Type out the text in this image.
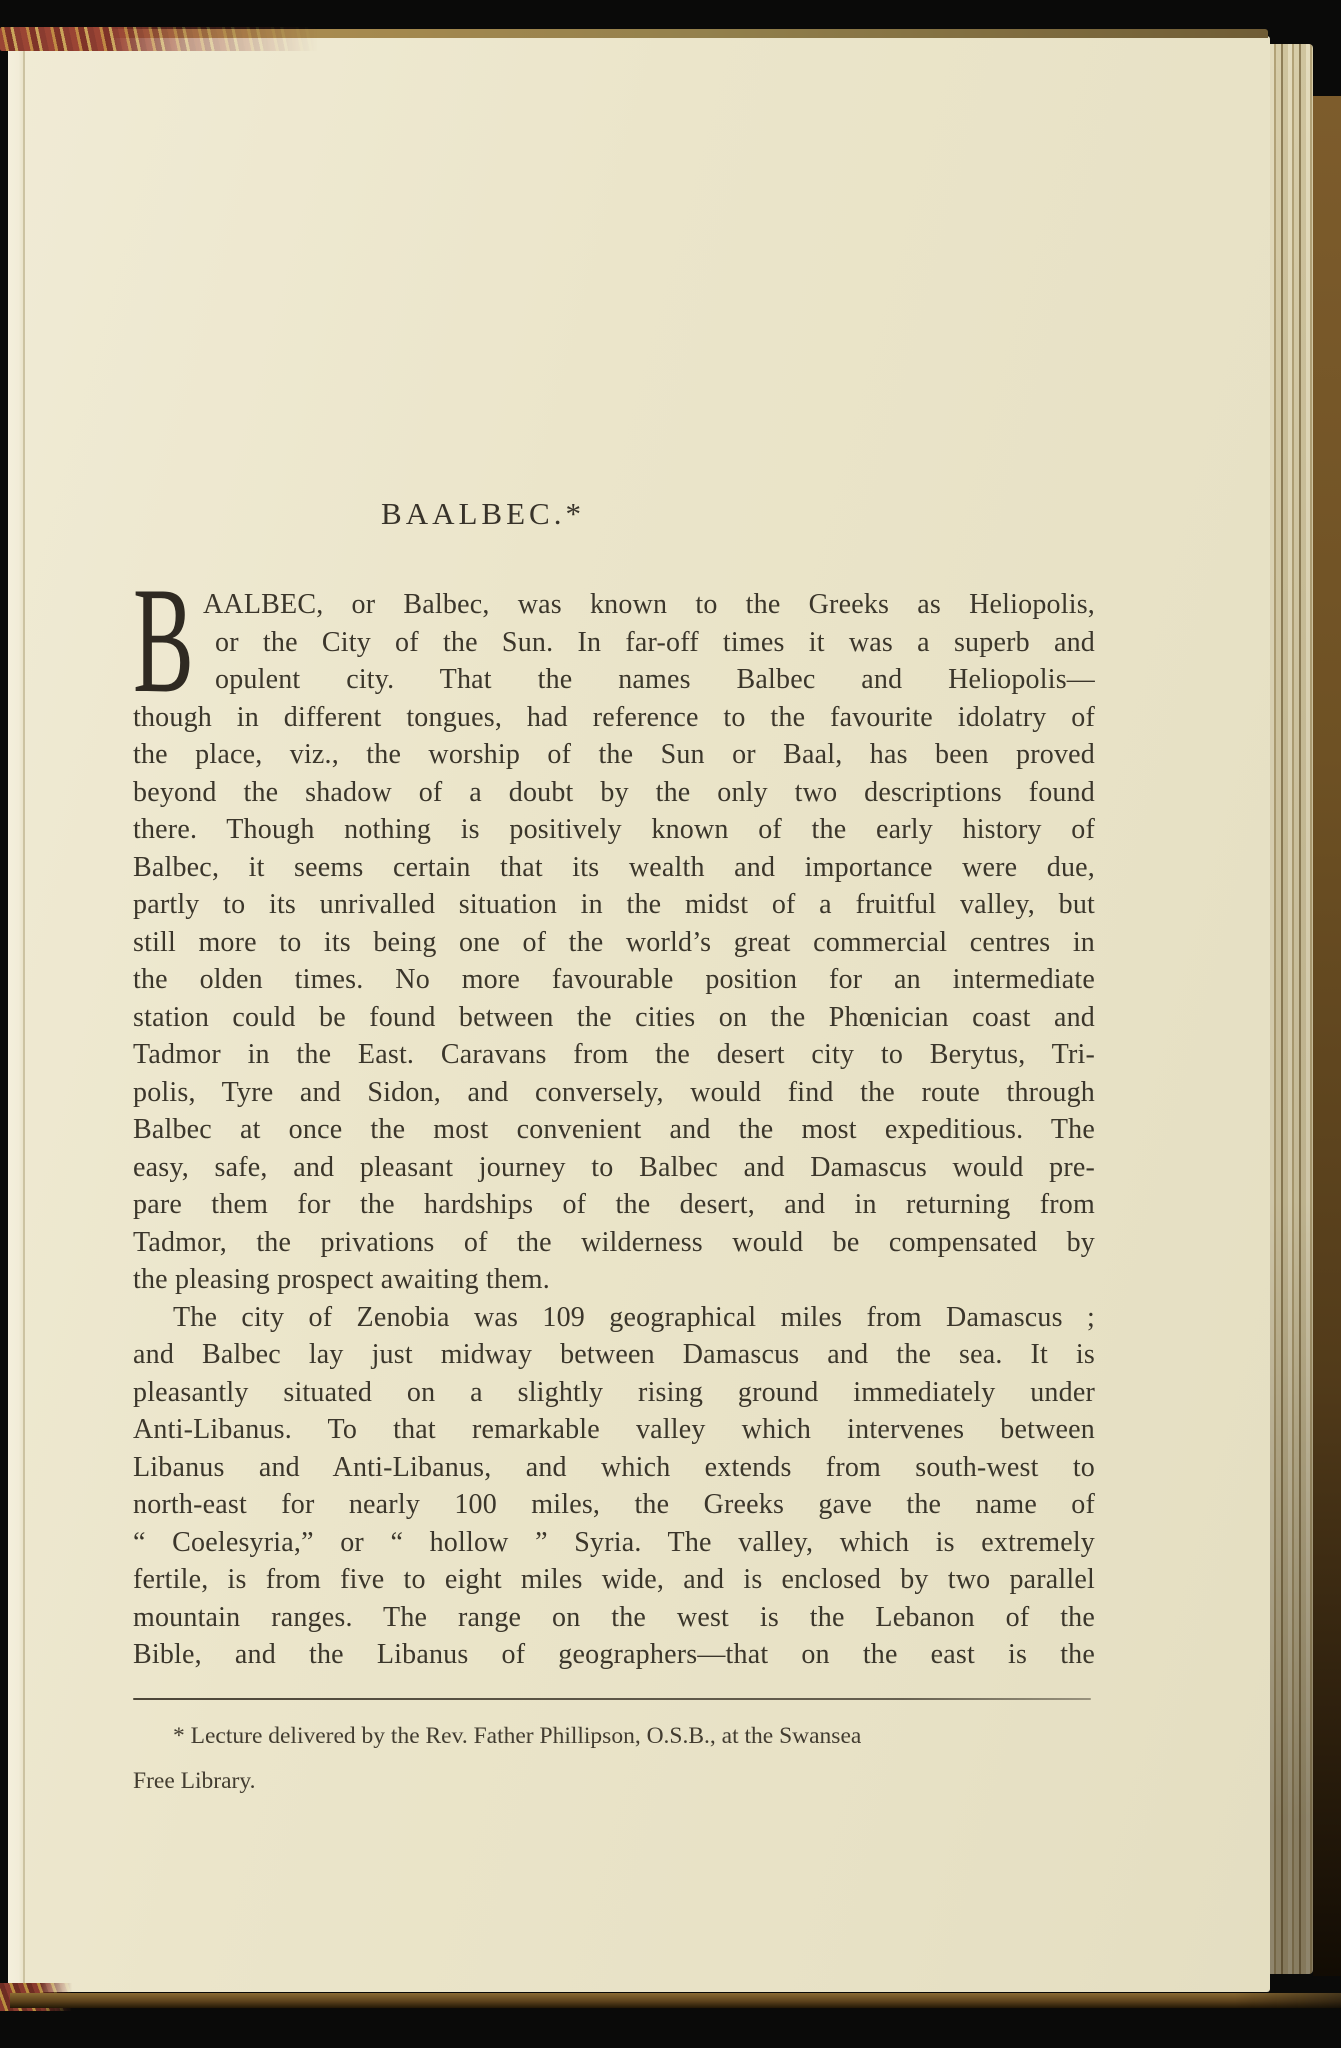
BAALBEC.*
B AALBEC, or Balbec, was known to the Greeks as Heliopolis,
or the City of the Sun. In far-off times it was a superb and
opulent city. That the names Balbec and Heliopolis—
though in different tongues, had reference to the favourite idolatry of
the place, viz., the worship of the Sun or Baal, has been proved
beyond the shadow of a doubt by the only two descriptions found
there. Though nothing is positively known of the early history of
Balbec, it seems certain that its wealth and importance were due,
partly to its unrivalled situation in the midst of a fruitful valley, but
still more to its being one of the world’s great commercial centres in
the olden times. No more favourable position for an intermediate
station could be found between the cities on the Phœnician coast and
Tadmor in the East. Caravans from the desert city to Berytus, Tri-
polis, Tyre and Sidon, and conversely, would find the route through
Balbec at once the most convenient and the most expeditious. The
easy, safe, and pleasant journey to Balbec and Damascus would pre-
pare them for the hardships of the desert, and in returning from
Tadmor, the privations of the wilderness would be compensated by
the pleasing prospect awaiting them.
The city of Zenobia was 109 geographical miles from Damascus ;
and Balbec lay just midway between Damascus and the sea. It is
pleasantly situated on a slightly rising ground immediately under
Anti-Libanus. To that remarkable valley which intervenes between
Libanus and Anti-Libanus, and which extends from south-west to
north-east for nearly 100 miles, the Greeks gave the name of
“ Coelesyria,” or “ hollow ” Syria. The valley, which is extremely
fertile, is from five to eight miles wide, and is enclosed by two parallel
mountain ranges. The range on the west is the Lebanon of the
Bible, and the Libanus of geographers—that on the east is the
* Lecture delivered by the Rev. Father Phillipson, O.S.B., at the Swansea
Free Library.
